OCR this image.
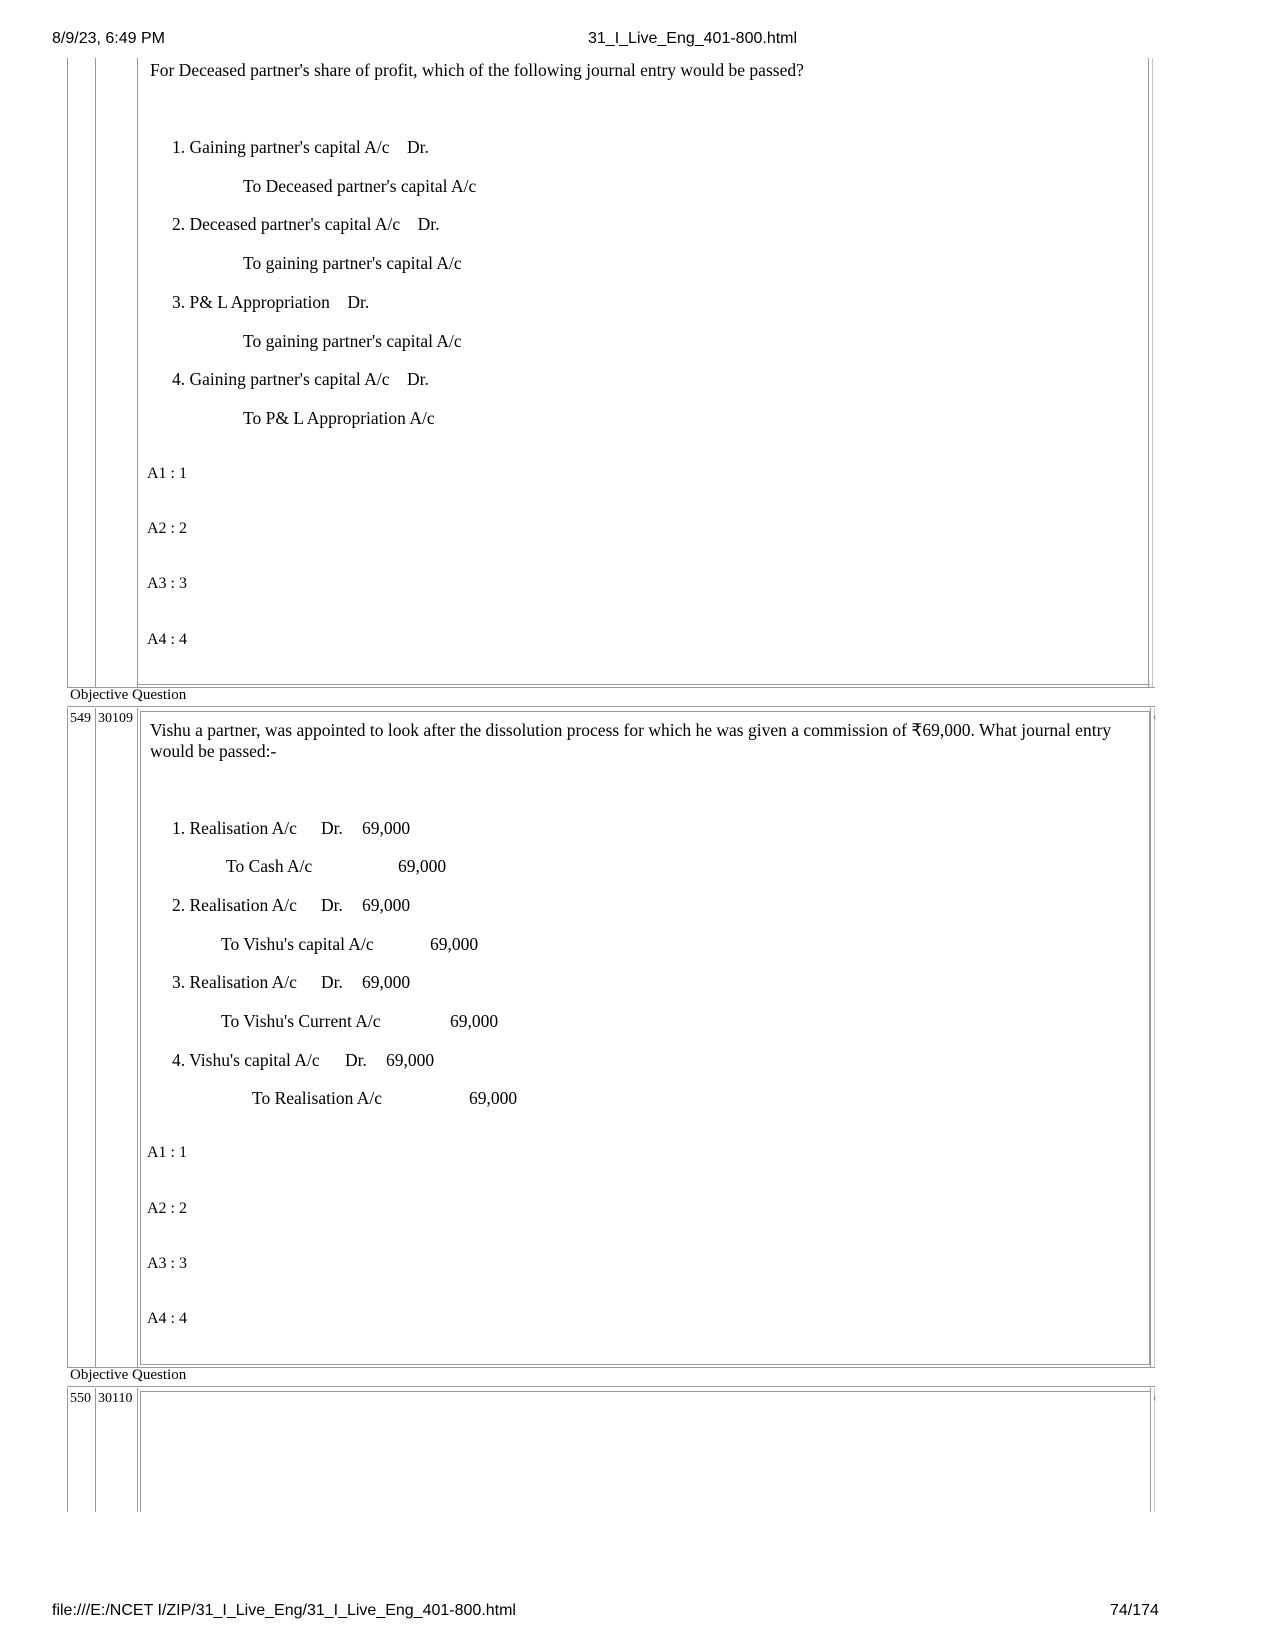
8/9/23, 6:49 PM	31_I_Live_Eng_401-800.html
For Deceased partner's share of profit, which of the following journal entry would be passed?
1. Gaining partner's capital A/c    Dr.
To Deceased partner's capital A/c
2. Deceased partner's capital A/c    Dr.
To gaining partner's capital A/c
3. P& L Appropriation    Dr.
To gaining partner's capital A/c
4. Gaining partner's capital A/c    Dr.
To P& L Appropriation A/c
A1 : 1
A2 : 2
A3 : 3
A4 : 4
Objective Question
‹
549 30109
Vishu a partner, was appointed to look after the dissolution process for which he was given a commission of ₹69,000. What journal entry would be passed:-
1. Realisation A/c Dr. 69,000
To Cash A/c	69,000
2. Realisation A/c Dr. 69,000
To Vishu's capital A/c	69,000
3. Realisation A/c Dr. 69,000
To Vishu's Current A/c	69,000
4. Vishu's capital A/c Dr. 69,000
To Realisation A/c	69,000
A1 : 1
A2 : 2
A3 : 3
A4 : 4
Objective Question
‹
550 30110
file:///E:/NCET I/ZIP/31_I_Live_Eng/31_I_Live_Eng_401-800.html	74/174
